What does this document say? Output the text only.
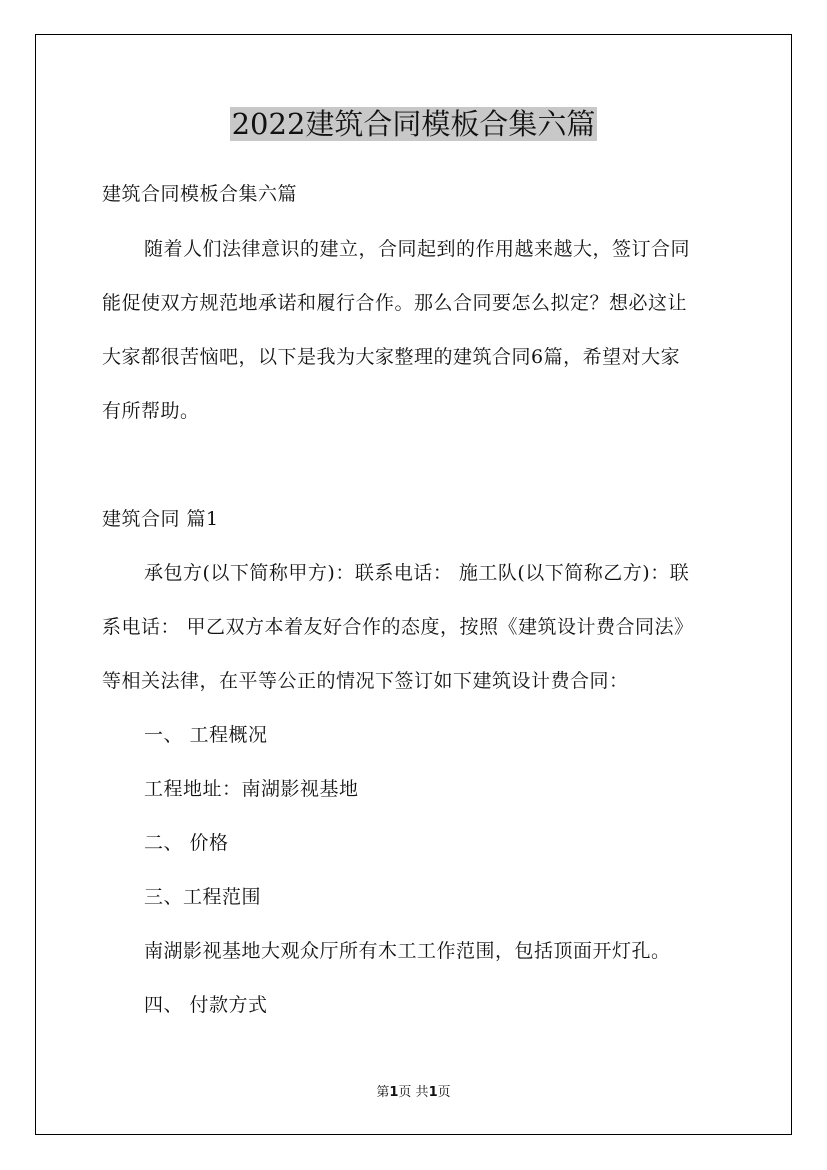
2022建筑合同模板合集六篇
建筑合同模板合集六篇
随着人们法律意识的建立，合同起到的作用越来越大，签订合同
能促使双方规范地承诺和履行合作。那么合同要怎么拟定？想必这让
大家都很苦恼吧，以下是我为大家整理的建筑合同6篇，希望对大家
有所帮助。
建筑合同 篇1
承包方(以下简称甲方)：联系电话： 施工队(以下简称乙方)：联
系电话： 甲乙双方本着友好合作的态度，按照《建筑设计费合同法》
等相关法律，在平等公正的情况下签订如下建筑设计费合同：
一、 工程概况
工程地址：南湖影视基地
二、 价格
三、工程范围
南湖影视基地大观众厅所有木工工作范围，包括顶面开灯孔。
四、 付款方式
第1页 共1页
